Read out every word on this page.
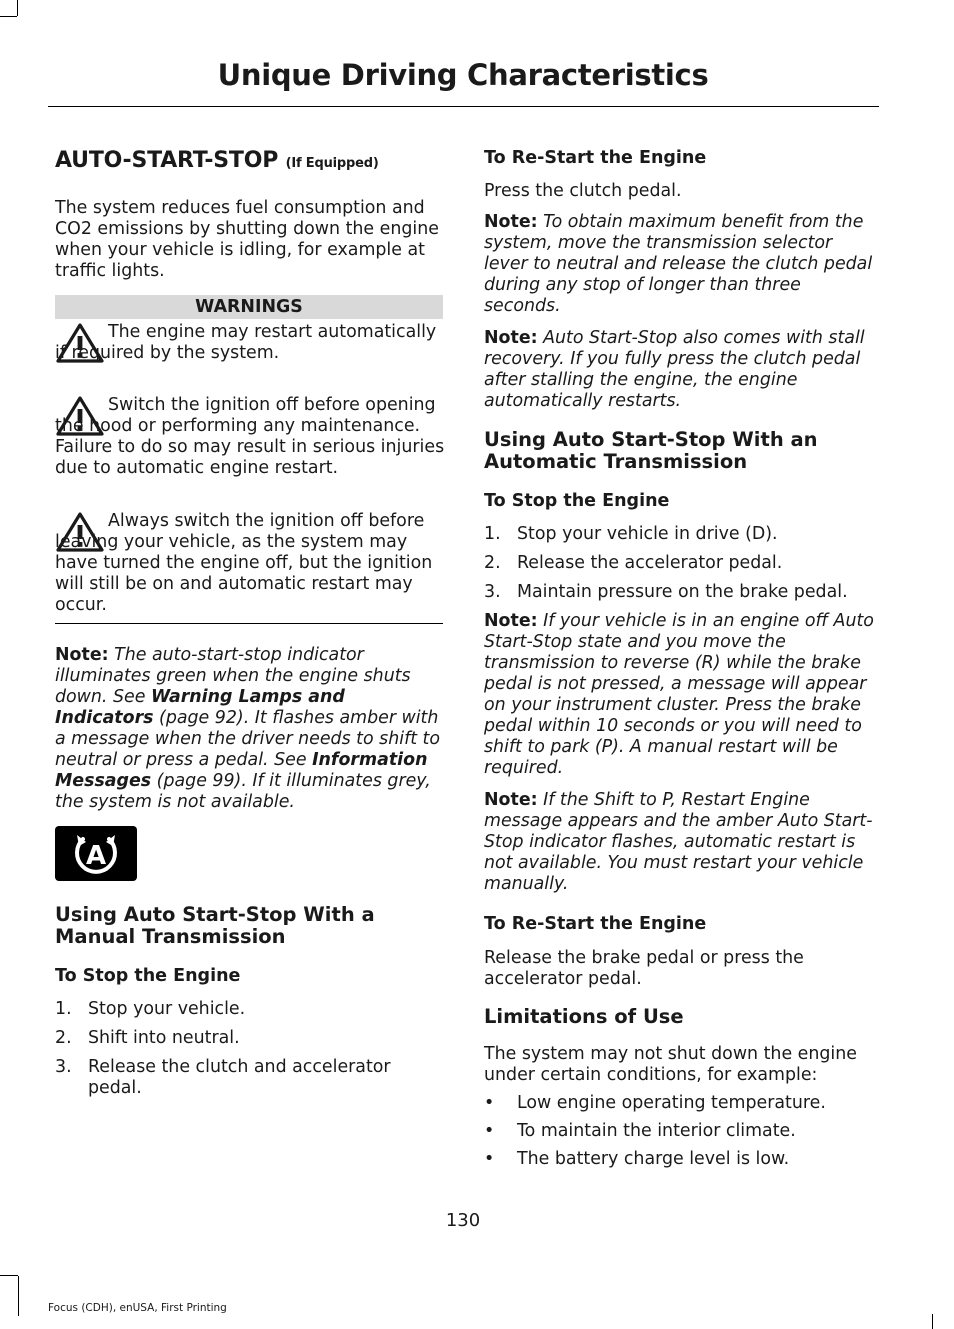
Unique Driving Characteristics
AUTO-START-STOP (If Equipped)

The system reduces fuel consumption and CO2 emissions by shutting down the engine when your vehicle is idling, for example at traffic lights.

WARNINGS
The engine may restart automatically if required by the system.
Switch the ignition off before opening the hood or performing any maintenance. Failure to do so may result in serious injuries due to automatic engine restart.
Always switch the ignition off before leaving your vehicle, as the system may have turned the engine off, but the ignition will still be on and automatic restart may occur.

Note: The auto-start-stop indicator illuminates green when the engine shuts down. See Warning Lamps and Indicators (page 92). It flashes amber with a message when the driver needs to shift to neutral or press a pedal. See Information Messages (page 99). If it illuminates grey, the system is not available.

A
Using Auto Start-Stop With a Manual Transmission
To Stop the Engine
1. Stop your vehicle.
2. Shift into neutral.
3. Release the clutch and accelerator pedal.
To Re-Start the Engine

Press the clutch pedal.

Note: To obtain maximum benefit from the system, move the transmission selector lever to neutral and release the clutch pedal during any stop of longer than three seconds.

Note: Auto Start-Stop also comes with stall recovery. If you fully press the clutch pedal after stalling the engine, the engine automatically restarts.

Using Auto Start-Stop With an Automatic Transmission
To Stop the Engine
1. Stop your vehicle in drive (D).
2. Release the accelerator pedal.
3. Maintain pressure on the brake pedal.

Note: If your vehicle is in an engine off Auto Start-Stop state and you move the transmission to reverse (R) while the brake pedal is not pressed, a message will appear on your instrument cluster. Press the brake pedal within 10 seconds or you will need to shift to park (P). A manual restart will be required.

Note: If the Shift to P, Restart Engine message appears and the amber Auto Start-Stop indicator flashes, automatic restart is not available. You must restart your vehicle manually.

To Re-Start the Engine

Release the brake pedal or press the accelerator pedal.

Limitations of Use

The system may not shut down the engine under certain conditions, for example:

• Low engine operating temperature.
• To maintain the interior climate.
• The battery charge level is low.
130
Focus (CDH), enUSA, First Printing
